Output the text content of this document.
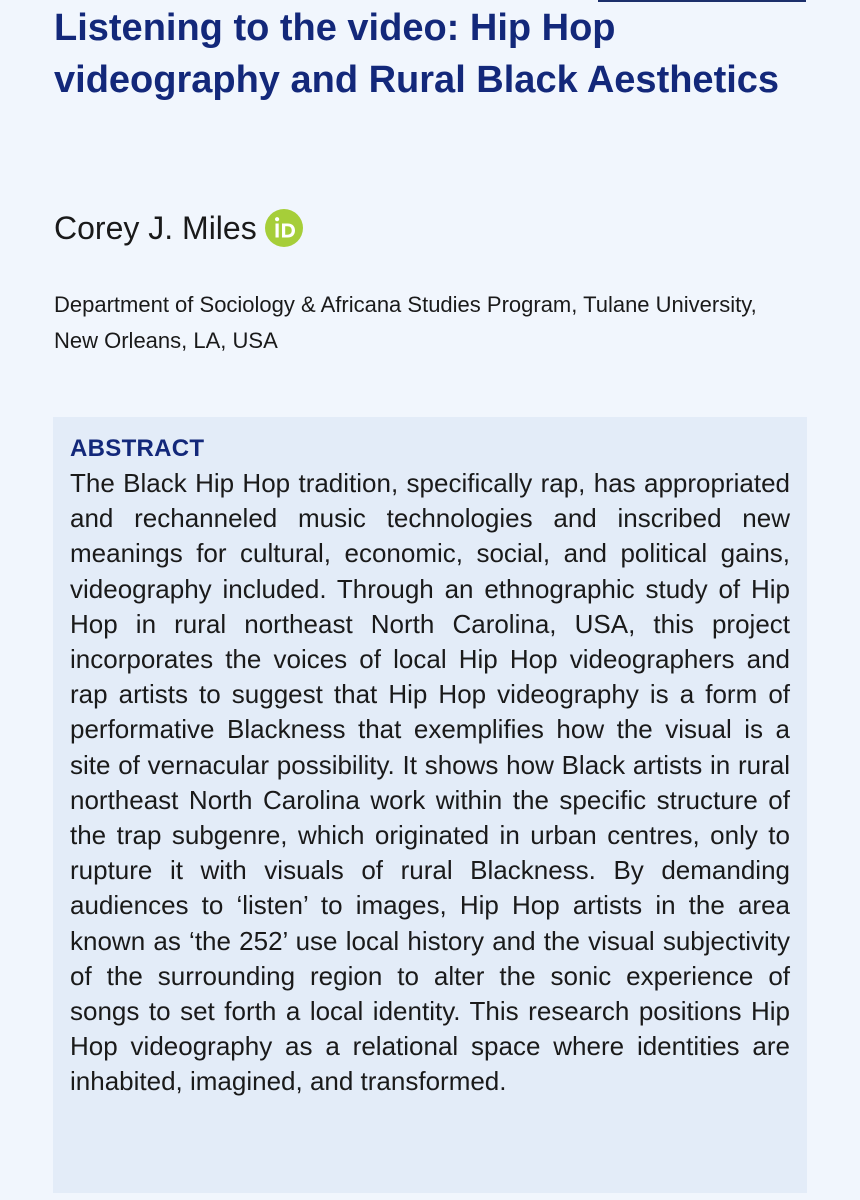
Listening to the video: Hip Hop videography and Rural Black Aesthetics
Corey J. Miles

Department of Sociology & Africana Studies Program, Tulane University, New Orleans, LA, USA

ABSTRACT

The Black Hip Hop tradition, specifically rap, has appropriated and rechanneled music technologies and inscribed new meanings for cultural, economic, social, and political gains, videography included. Through an ethnographic study of Hip Hop in rural northeast North Carolina, USA, this project incorporates the voices of local Hip Hop videographers and rap artists to suggest that Hip Hop videography is a form of performative Blackness that exemplifies how the visual is a site of vernacular possibility. It shows how Black artists in rural northeast North Carolina work within the specific structure of the trap subgenre, which originated in urban centres, only to rupture it with visuals of rural Blackness. By demanding audiences to ‘listen’ to images, Hip Hop artists in the area known as ‘the 252’ use local history and the visual subjectivity of the surrounding region to alter the sonic experience of songs to set forth a local identity. This research positions Hip Hop videography as a relational space where identities are inhabited, imagined, and transformed.
